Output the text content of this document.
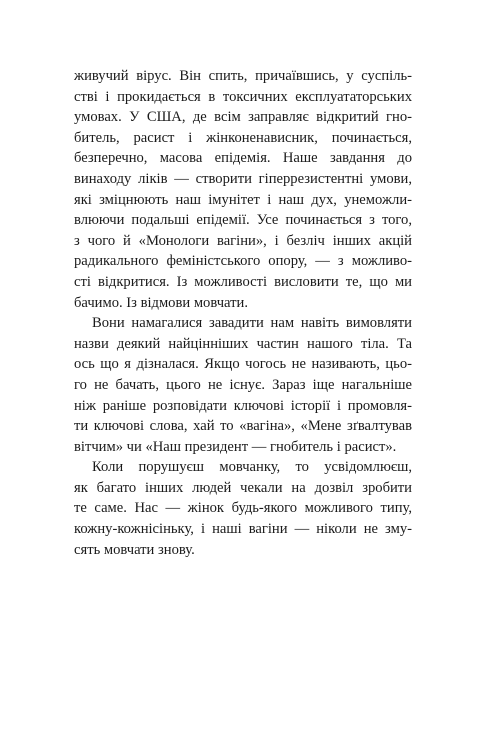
живучий вірус. Він спить, причаївшись, у суспіль-
стві і прокидається в токсичних експлуататорських
умовах. У США, де всім заправляє відкритий гно-
битель, расист і жінконенависник, починається,
безперечно, масова епідемія. Наше завдання до
винаходу ліків — створити гіперрезистентні умови,
які зміцнюють наш імунітет і наш дух, унеможли-
влюючи подальші епідемії. Усе починається з того,
з чого й «Монологи вагіни», і безліч інших акцій
радикального феміністського опору, — з можливо-
сті відкритися. Із можливості висловити те, що ми
бачимо. Із відмови мовчати.
Вони намагалися завадити нам навіть вимовляти
назви деякий найцінніших частин нашого тіла. Та
ось що я дізналася. Якщо чогось не називають, цьо-
го не бачать, цього не існує. Зараз іще нагальніше
ніж раніше розповідати ключові історії і промовля-
ти ключові слова, хай то «вагіна», «Мене зґвалтував
вітчим» чи «Наш президент — гнобитель і расист».
Коли порушуєш мовчанку, то усвідомлюєш,
як багато інших людей чекали на дозвіл зробити
те саме. Нас — жінок будь-якого можливого типу,
кожну-кожнісіньку, і наші вагіни — ніколи не зму-
сять мовчати знову.
